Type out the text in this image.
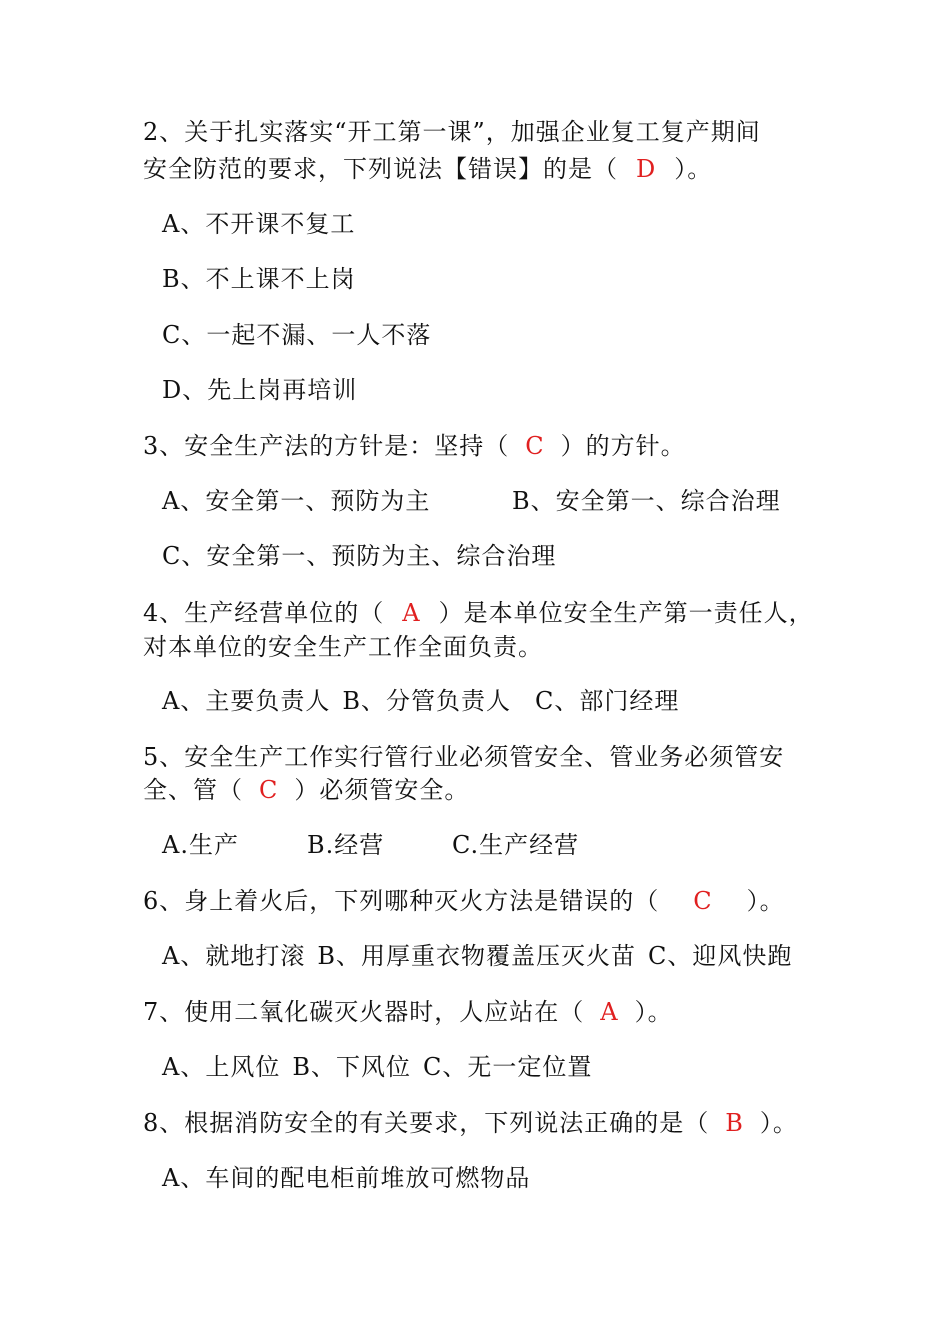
2、关于扎实落实“开工第一课”，加强企业复工复产期间
安全防范的要求，下列说法【错误】的是（ D ）。
A、不开课不复工
B、不上课不上岗
C、一起不漏、一人不落
D、先上岗再培训
3、安全生产法的方针是：坚持（ C ）的方针。
A、安全第一、预防为主	B、安全第一、综合治理
C、安全第一、预防为主、综合治理
4、生产经营单位的（ A ）是本单位安全生产第一责任人，
对本单位的安全生产工作全面负责。
A、主要负责人 B、分管负责人 C、部门经理
5、安全生产工作实行管行业必须管安全、管业务必须管安
全、管（ C ）必须管安全。
A.生产	B.经营	C.生产经营
6、身上着火后，下列哪种灭火方法是错误的（ C ）。
A、就地打滚 B、用厚重衣物覆盖压灭火苗 C、迎风快跑
7、使用二氧化碳灭火器时，人应站在（ A ）。
A、上风位 B、下风位 C、无一定位置
8、根据消防安全的有关要求，下列说法正确的是（ B ）。
A、车间的配电柜前堆放可燃物品
